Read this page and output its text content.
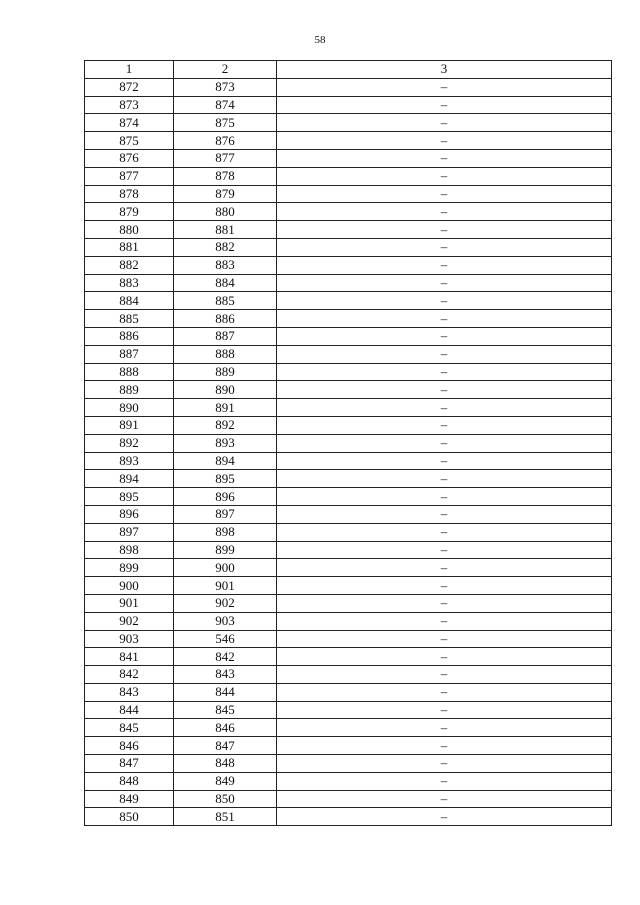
58
1	2	3
872	873	–
873	874	–
874	875	–
875	876	–
876	877	–
877	878	–
878	879	–
879	880	–
880	881	–
881	882	–
882	883	–
883	884	–
884	885	–
885	886	–
886	887	–
887	888	–
888	889	–
889	890	–
890	891	–
891	892	–
892	893	–
893	894	–
894	895	–
895	896	–
896	897	–
897	898	–
898	899	–
899	900	–
900	901	–
901	902	–
902	903	–
903	546	–
841	842	–
842	843	–
843	844	–
844	845	–
845	846	–
846	847	–
847	848	–
848	849	–
849	850	–
850	851	–
